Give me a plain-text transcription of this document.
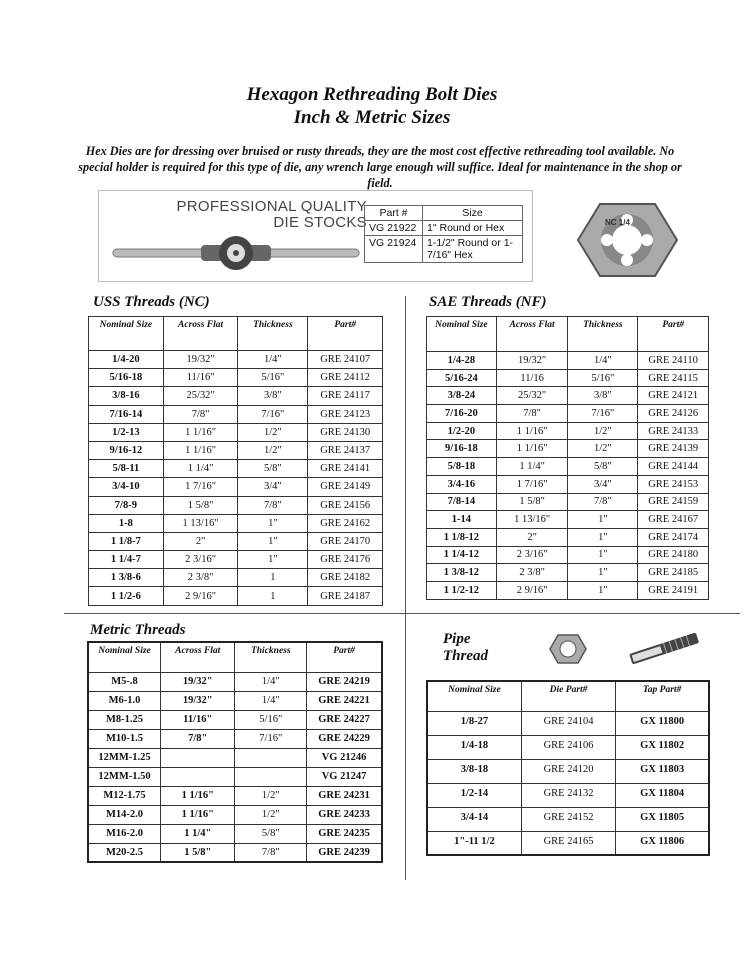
Hexagon Rethreading Bolt Dies
Inch & Metric Sizes
Hex Dies are for dressing over bruised or rusty threads, they are the most cost effective rethreading tool available. No special holder is required for this type of die, any wrench large enough will suffice. Ideal for maintenance in the shop or field.
PROFESSIONAL QUALITY
DIE STOCKS
Part #	Size
VG 21922	1" Round or Hex
VG 21924	1-1/2" Round or 1-7/16" Hex
NC 1/4
USS Threads (NC)
Nominal Size	Across Flat	Thickness	Part#
1/4-20	19/32"	1/4"	GRE 24107
5/16-18	11/16"	5/16"	GRE 24112
3/8-16	25/32"	3/8"	GRE 24117
7/16-14	7/8"	7/16"	GRE 24123
1/2-13	1 1/16"	1/2"	GRE 24130
9/16-12	1 1/16"	1/2"	GRE 24137
5/8-11	1 1/4"	5/8"	GRE 24141
3/4-10	1 7/16"	3/4"	GRE 24149
7/8-9	1 5/8"	7/8"	GRE 24156
1-8	1 13/16"	1"	GRE 24162
1 1/8-7	2"	1"	GRE 24170
1 1/4-7	2 3/16"	1"	GRE 24176
1 3/8-6	2 3/8"	1	GRE 24182
1 1/2-6	2 9/16"	1	GRE 24187
SAE Threads (NF)
Nominal Size	Across Flat	Thickness	Part#
1/4-28	19/32"	1/4"	GRE 24110
5/16-24	11/16	5/16"	GRE 24115
3/8-24	25/32"	3/8"	GRE 24121
7/16-20	7/8"	7/16"	GRE 24126
1/2-20	1 1/16"	1/2"	GRE 24133
9/16-18	1 1/16"	1/2"	GRE 24139
5/8-18	1 1/4"	5/8"	GRE 24144
3/4-16	1 7/16"	3/4"	GRE 24153
7/8-14	1 5/8"	7/8"	GRE 24159
1-14	1 13/16"	1"	GRE 24167
1 1/8-12	2"	1"	GRE 24174
1 1/4-12	2 3/16"	1"	GRE 24180
1 3/8-12	2 3/8"	1"	GRE 24185
1 1/2-12	2 9/16"	1"	GRE 24191
Metric Threads
Nominal Size	Across Flat	Thickness	Part#
M5-.8	19/32"	1/4"	GRE 24219
M6-1.0	19/32"	1/4"	GRE 24221
M8-1.25	11/16"	5/16"	GRE 24227
M10-1.5	7/8"	7/16"	GRE 24229
12MM-1.25			VG 21246
12MM-1.50			VG 21247
M12-1.75	1 1/16"	1/2"	GRE 24231
M14-2.0	1 1/16"	1/2"	GRE 24233
M16-2.0	1 1/4"	5/8"	GRE 24235
M20-2.5	1 5/8"	7/8"	GRE 24239
Pipe
Thread
Nominal Size	Die Part#	Tap Part#
1/8-27	GRE 24104	GX 11800
1/4-18	GRE 24106	GX 11802
3/8-18	GRE 24120	GX 11803
1/2-14	GRE 24132	GX 11804
3/4-14	GRE 24152	GX 11805
1"-11 1/2	GRE 24165	GX 11806
